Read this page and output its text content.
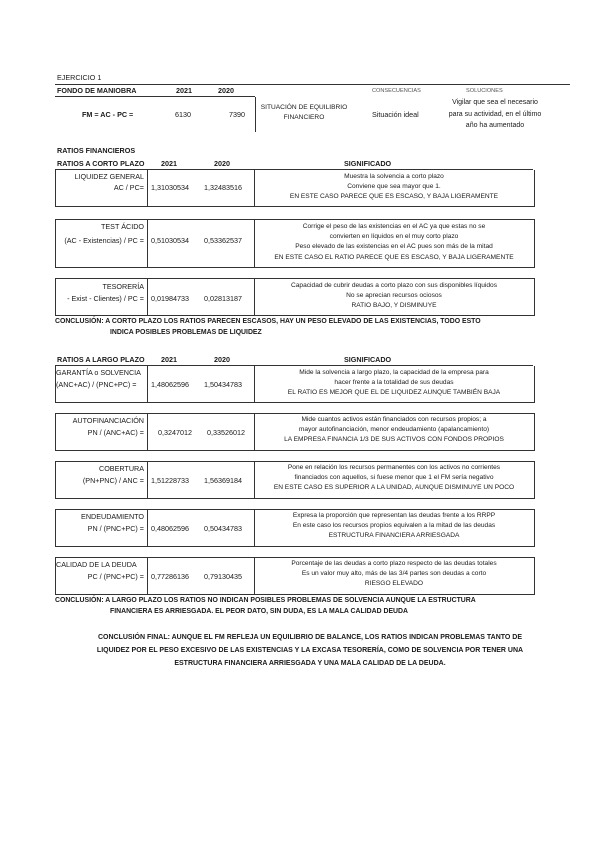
EJERCICIO 1
FONDO DE MANIOBRA	2021	2020	CONSECUENCIAS	SOLUCIONES
FM = AC - PC =	6130	7390
SITUACIÓN DE EQUILIBRIO
FINANCIERO	Situación ideal
Vigilar que sea el necesario
para su actividad, en el último
año ha aumentado
RATIOS FINANCIEROS
RATIOS A CORTO PLAZO	2021	2020	SIGNIFICADO
LIQUIDEZ GENERAL
AC / PC= 1,31030534 1,32483516
Muestra la solvencia a corto plazo
Conviene que sea mayor que 1.
EN ESTE CASO PARECE QUE ES ESCASO, Y BAJA LIGERAMENTE
TEST ÁCIDO
(AC - Existencias) / PC = 0,51030534 0,53362537
Corrige el peso de las existencias en el AC ya que estas no se
convierten en líquidos en el muy corto plazo
Peso elevado de las existencias en el AC pues son más de la mitad
EN ESTE CASO EL RATIO PARECE QUE ES ESCASO, Y BAJA LIGERAMENTE
TESORERÍA
- Exist - Clientes) / PC = 0,01984733 0,02813187
Capacidad de cubrir deudas a corto plazo con sus disponibles líquidos
No se aprecian recursos ociosos
RATIO BAJO, Y DISMINUYE
CONCLUSIÓN: A CORTO PLAZO LOS RATIOS PARECEN ESCASOS, HAY UN PESO ELEVADO DE LAS EXISTENCIAS, TODO ESTO
INDICA POSIBLES PROBLEMAS DE LIQUIDEZ
RATIOS A LARGO PLAZO	2021	2020	SIGNIFICADO
GARANTÍA o SOLVENCIA
(ANC+AC) / (PNC+PC) =	1,48062596 1,50434783
Mide la solvencia a largo plazo, la capacidad de la empresa para
hacer frente a la totalidad de sus deudas
EL RATIO ES MEJOR QUE EL DE LIQUIDEZ AUNQUE TAMBIÉN BAJA
AUTOFINANCIACIÓN
PN / (ANC+AC) = 0,3247012 0,33526012
Mide cuantos activos están financiados con recursos propios; a
mayor autofinanciación, menor endeudamiento (apalancamiento)
LA EMPRESA FINANCIA 1/3 DE SUS ACTIVOS CON FONDOS PROPIOS
COBERTURA
(PN+PNC) / ANC = 1,51228733 1,56369184
Pone en relación los recursos permanentes con los activos no corrientes
financiados con aquellos, si fuese menor que 1 el FM sería negativo
EN ESTE CASO ES SUPERIOR A LA UNIDAD, AUNQUE DISMINUYE UN POCO
ENDEUDAMIENTO
PN / (PNC+PC) = 0,48062596 0,50434783
Expresa la proporción que representan las deudas frente a los RRPP
En este caso los recursos propios equivalen a la mitad de las deudas
ESTRUCTURA FINANCIERA ARRIESGADA
CALIDAD DE LA DEUDA
PC / (PNC+PC) = 0,77286136 0,79130435
Porcentaje de las deudas a corto plazo respecto de las deudas totales
Es un valor muy alto, más de las 3/4 partes son deudas a corto
RIESGO ELEVADO
CONCLUSIÓN: A LARGO PLAZO LOS RATIOS NO INDICAN POSIBLES PROBLEMAS DE SOLVENCIA AUNQUE LA ESTRUCTURA
FINANCIERA ES ARRIESGADA. EL PEOR DATO, SIN DUDA, ES LA MALA CALIDAD DEUDA
CONCLUSIÓN FINAL: AUNQUE EL FM REFLEJA UN EQUILIBRIO DE BALANCE, LOS RATIOS INDICAN PROBLEMAS TANTO DE
LIQUIDEZ POR EL PESO EXCESIVO DE LAS EXISTENCIAS Y LA EXCASA TESORERÍA, COMO DE SOLVENCIA POR TENER UNA
ESTRUCTURA FINANCIERA ARRIESGADA Y UNA MALA CALIDAD DE LA DEUDA.
